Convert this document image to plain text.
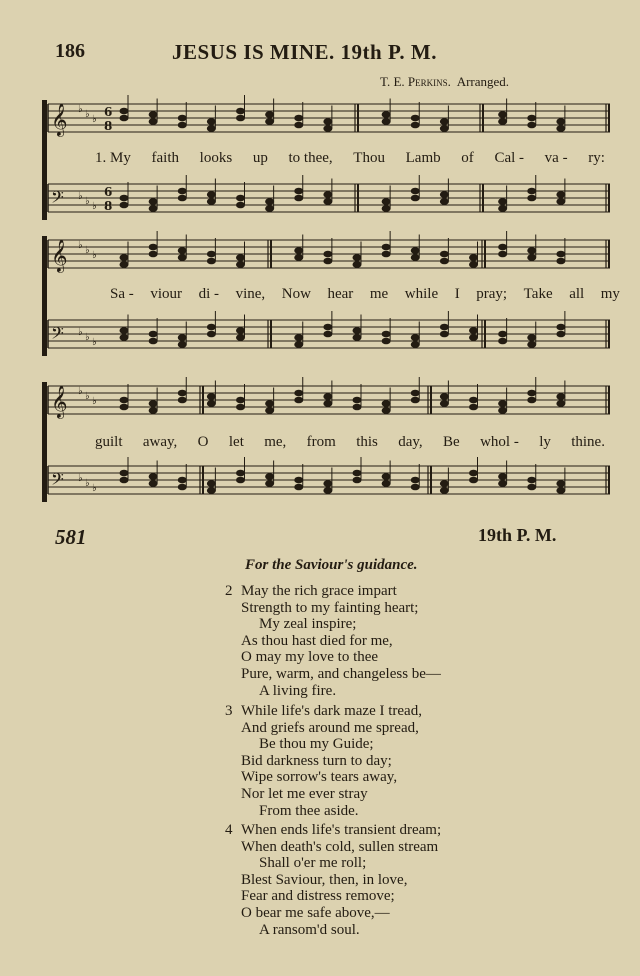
186	JESUS IS MINE. 19th P. M.
T. E. Perkins. Arranged.
𝄞 ♭ ♭ ♭
6
8
𝄢 ♭ ♭ ♭
6
8
𝄞 ♭ ♭ ♭
𝄢 ♭ ♭ ♭
𝄞 ♭ ♭ ♭
𝄢 ♭ ♭ ♭
1. My faith looks up to thee, Thou Lamb of Cal - va - ry:
Sa - viour di - vine, Now hear me while I pray; Take all my
guilt away, O let me, from this day, Be whol - ly thine.
581	19th P. M.
For the Saviour's guidance.
2 May the rich grace impart
Strength to my fainting heart;
My zeal inspire;
As thou hast died for me,
O may my love to thee
Pure, warm, and changeless be—
A living fire.
3 While life's dark maze I tread,
And griefs around me spread,
Be thou my Guide;
Bid darkness turn to day;
Wipe sorrow's tears away,
Nor let me ever stray
From thee aside.
4 When ends life's transient dream;
When death's cold, sullen stream
Shall o'er me roll;
Blest Saviour, then, in love,
Fear and distress remove;
O bear me safe above,—
A ransom'd soul.
